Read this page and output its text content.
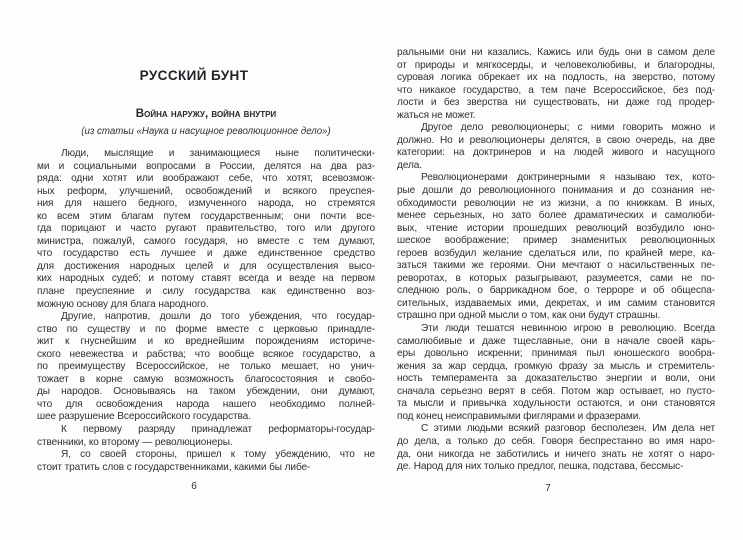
РУССКИЙ БУНТ
Война наружу, война внутри
(из статьи «Наука и насущное революционное дело»)
Люди, мыслящие и занимающиеся ныне политически-
ми и социальными вопросами в России, делятся на два раз-
ряда: одни хотят или воображают себе, что хотят, всевозмож-
ных реформ, улучшений, освобождений и всякого преуспея-
ния для нашего бедного, измученного народа, но стремятся
ко всем этим благам путем государственным; они почти все-
гда порицают и часто ругают правительство, того или другого
министра, пожалуй, самого государя, но вместе с тем думают,
что государство есть лучшее и даже единственное средство
для достижения народных целей и для осуществления высо-
ких народных судеб; и потому ставят всегда и везде на первом
плане преуспеяние и силу государства как единственно воз-
можную основу для блага народного.
Другие, напротив, дошли до того убеждения, что государ-
ство по существу и по форме вместе с церковью принадле-
жит к гнуснейшим и ко вреднейшим порождениям историче-
ского невежества и рабства; что вообще всякое государство, а
по преимуществу Всероссийское, не только мешает, но унич-
тожает в корне самую возможность благосостояния и свобо-
ды народов. Основываясь на таком убеждении, они думают,
что для освобождения народа нашего необходимо полней-
шее разрушение Всероссийского государства.
К первому разряду принадлежат реформаторы-государ-
ственники, ко второму — революционеры.
Я, со своей стороны, пришел к тому убеждению, что не
стоит тратить слов с государственниками, какими бы либе-
6
ральными они ни казались. Кажись или будь они в самом деле
от природы и мягкосерды, и человеколюбивы, и благородны,
суровая логика обрекает их на подлость, на зверство, потому
что никакое государство, а тем паче Всероссийское, без под-
лости и без зверства ни существовать, ни даже год продер-
жаться не может.
Другое дело революционеры; с ними говорить можно и
должно. Но и революционеры делятся, в свою очередь, на две
категории: на доктринеров и на людей живого и насущного
дела.
Революционерами доктринерными я называю тех, кото-
рые дошли до революционного понимания и до сознания не-
обходимости революции не из жизни, а по книжкам. В иных,
менее серьезных, но зато более драматических и самолюби-
вых, чтение истории прошедших революций возбудило юно-
шеское воображение; пример знаменитых революционных
героев возбудил желание сделаться или, по крайней мере, ка-
заться такими же героями. Они мечтают о насильственных пе-
реворотах, в которых разыгрывают, разумеется, сами не по-
следнюю роль, о баррикадном бое, о терроре и об общеспа-
сительных, издаваемых ими, декретах, и им самим становится
страшно при одной мысли о том, как они будут страшны.
Эти люди тешатся невинною игрою в революцию. Всегда
самолюбивые и даже тщеславные, они в начале своей карь-
еры довольно искренни; принимая пыл юношеского вообра-
жения за жар сердца, громкую фразу за мысль и стремитель-
ность темперамента за доказательство энергии и воли, они
сначала серьезно верят в себя. Потом жар остывает, но пусто-
та мысли и привычка ходульности остаются, и они становятся
под конец неисправимыми фиглярами и фразерами.
С этими людьми всякий разговор бесполезен. Им дела нет
до дела, а только до себя. Говоря беспрестанно во имя наро-
да, они никогда не заботились и ничего знать не хотят о наро-
де. Народ для них только предлог, пешка, подстава, бессмыс-
7
